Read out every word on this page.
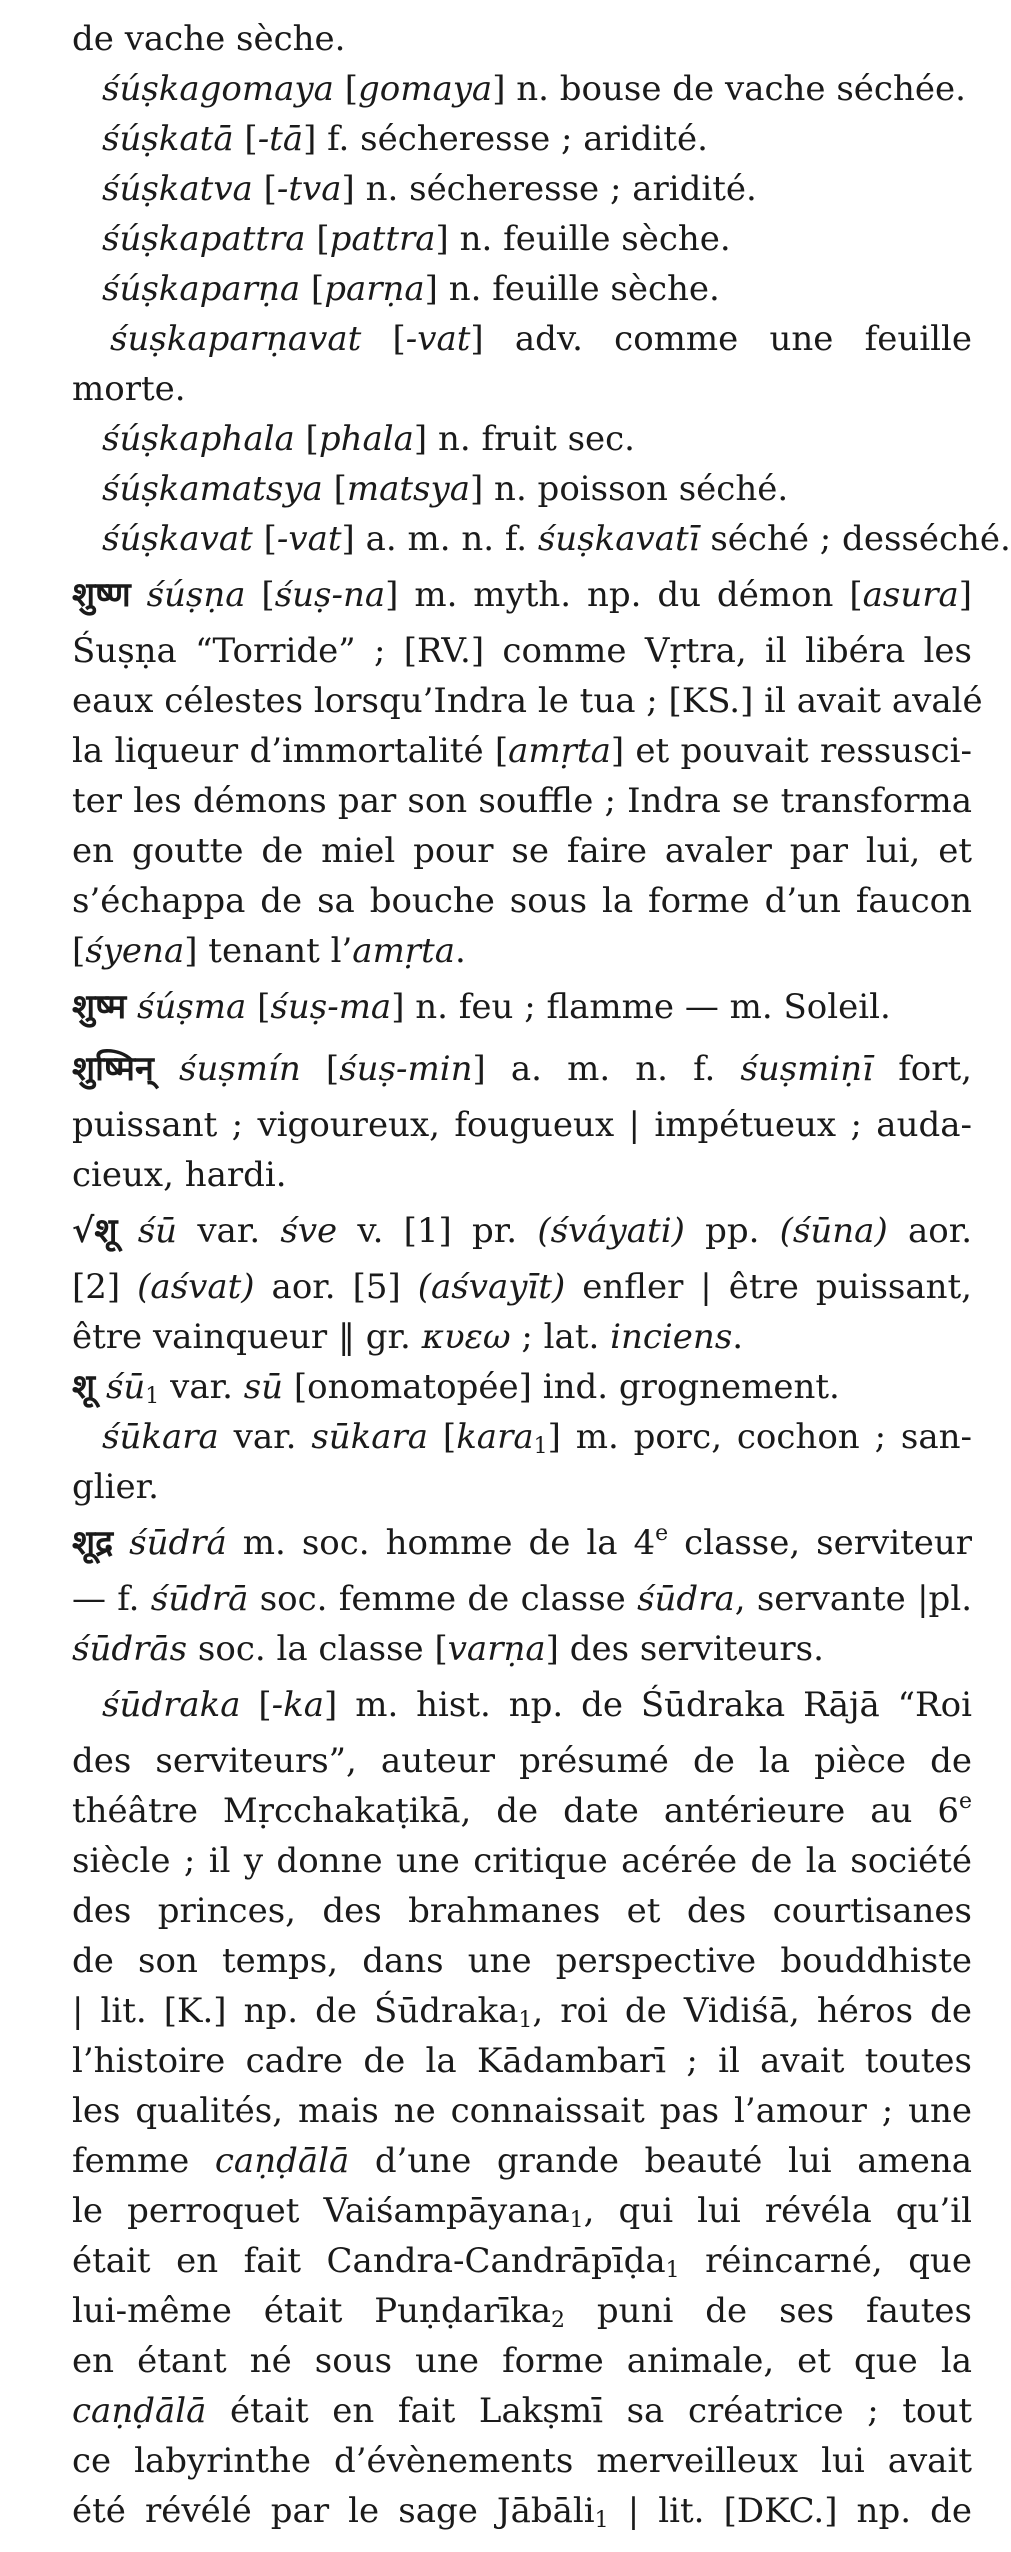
de vache sèche.
śúṣkagomaya [gomaya] n. bouse de vache séchée.
śúṣkatā [-tā] f. sécheresse ; aridité.
śúṣkatva [-tva] n. sécheresse ; aridité.
śúṣkapattra [pattra] n. feuille sèche.
śúṣkaparṇa [parṇa] n. feuille sèche.
śuṣkaparṇavat [-vat] adv. comme une feuille
morte.
śúṣkaphala [phala] n. fruit sec.
śúṣkamatsya [matsya] n. poisson séché.
śúṣkavat [-vat] a. m. n. f. śuṣkavatī séché ; desséché.
शुष्ण śúṣṇa [śuṣ-na] m. myth. np. du démon [asura]
Śuṣṇa “Torride” ; [RV.] comme Vṛtra, il libéra les
eaux célestes lorsqu’Indra le tua ; [KS.] il avait avalé
la liqueur d’immortalité [amṛta] et pouvait ressusci-
ter les démons par son souffle ; Indra se transforma
en goutte de miel pour se faire avaler par lui, et
s’échappa de sa bouche sous la forme d’un faucon
[śyena] tenant l’amṛta.
शुष्म śúṣma [śuṣ-ma] n. feu ; flamme — m. Soleil.
शुष्मिन् śuṣmín [śuṣ-min] a. m. n. f. śuṣmiṇī fort,
puissant ; vigoureux, fougueux | impétueux ; auda-
cieux, hardi.
√शू śū var. śve v. [1] pr. (śváyati) pp. (śūna) aor.
[2] (aśvat) aor. [5] (aśvayīt) enfler | être puissant,
être vainqueur ‖ gr. κυεω ; lat. inciens.
शू $śū_1$ var. sū [onomatopée] ind. grognement.
śūkara var. sūkara [kara$_1$] m. porc, cochon ; san-
glier.
शूद्र śūdrá m. soc. homme de la 4e classe, serviteur
— f. śūdrā soc. femme de classe śūdra, servante |pl.
śūdrās soc. la classe [varṇa] des serviteurs.
śūdraka [-ka] m. hist. np. de Śūdraka Rājā “Roi
des serviteurs”, auteur présumé de la pièce de
théâtre Mṛcchakaṭikā, de date antérieure au 6e
siècle ; il y donne une critique acérée de la société
des princes, des brahmanes et des courtisanes
de son temps, dans une perspective bouddhiste
| lit. [K.] np. de Śūdraka$_1$, roi de Vidiśā, héros de
l’histoire cadre de la Kādambarī ; il avait toutes
les qualités, mais ne connaissait pas l’amour ; une
femme caṇḍālā d’une grande beauté lui amena
le perroquet Vaiśampāyana$_1$, qui lui révéla qu’il
était en fait Candra-Candrāpīḍa$_1$ réincarné, que
lui-même était Puṇḍarīka$_2$ puni de ses fautes
en étant né sous une forme animale, et que la
caṇḍālā était en fait Lakṣmī sa créatrice ; tout
ce labyrinthe d’évènements merveilleux lui avait
été révélé par le sage Jābāli$_1$ | lit. [DKC.] np. de
